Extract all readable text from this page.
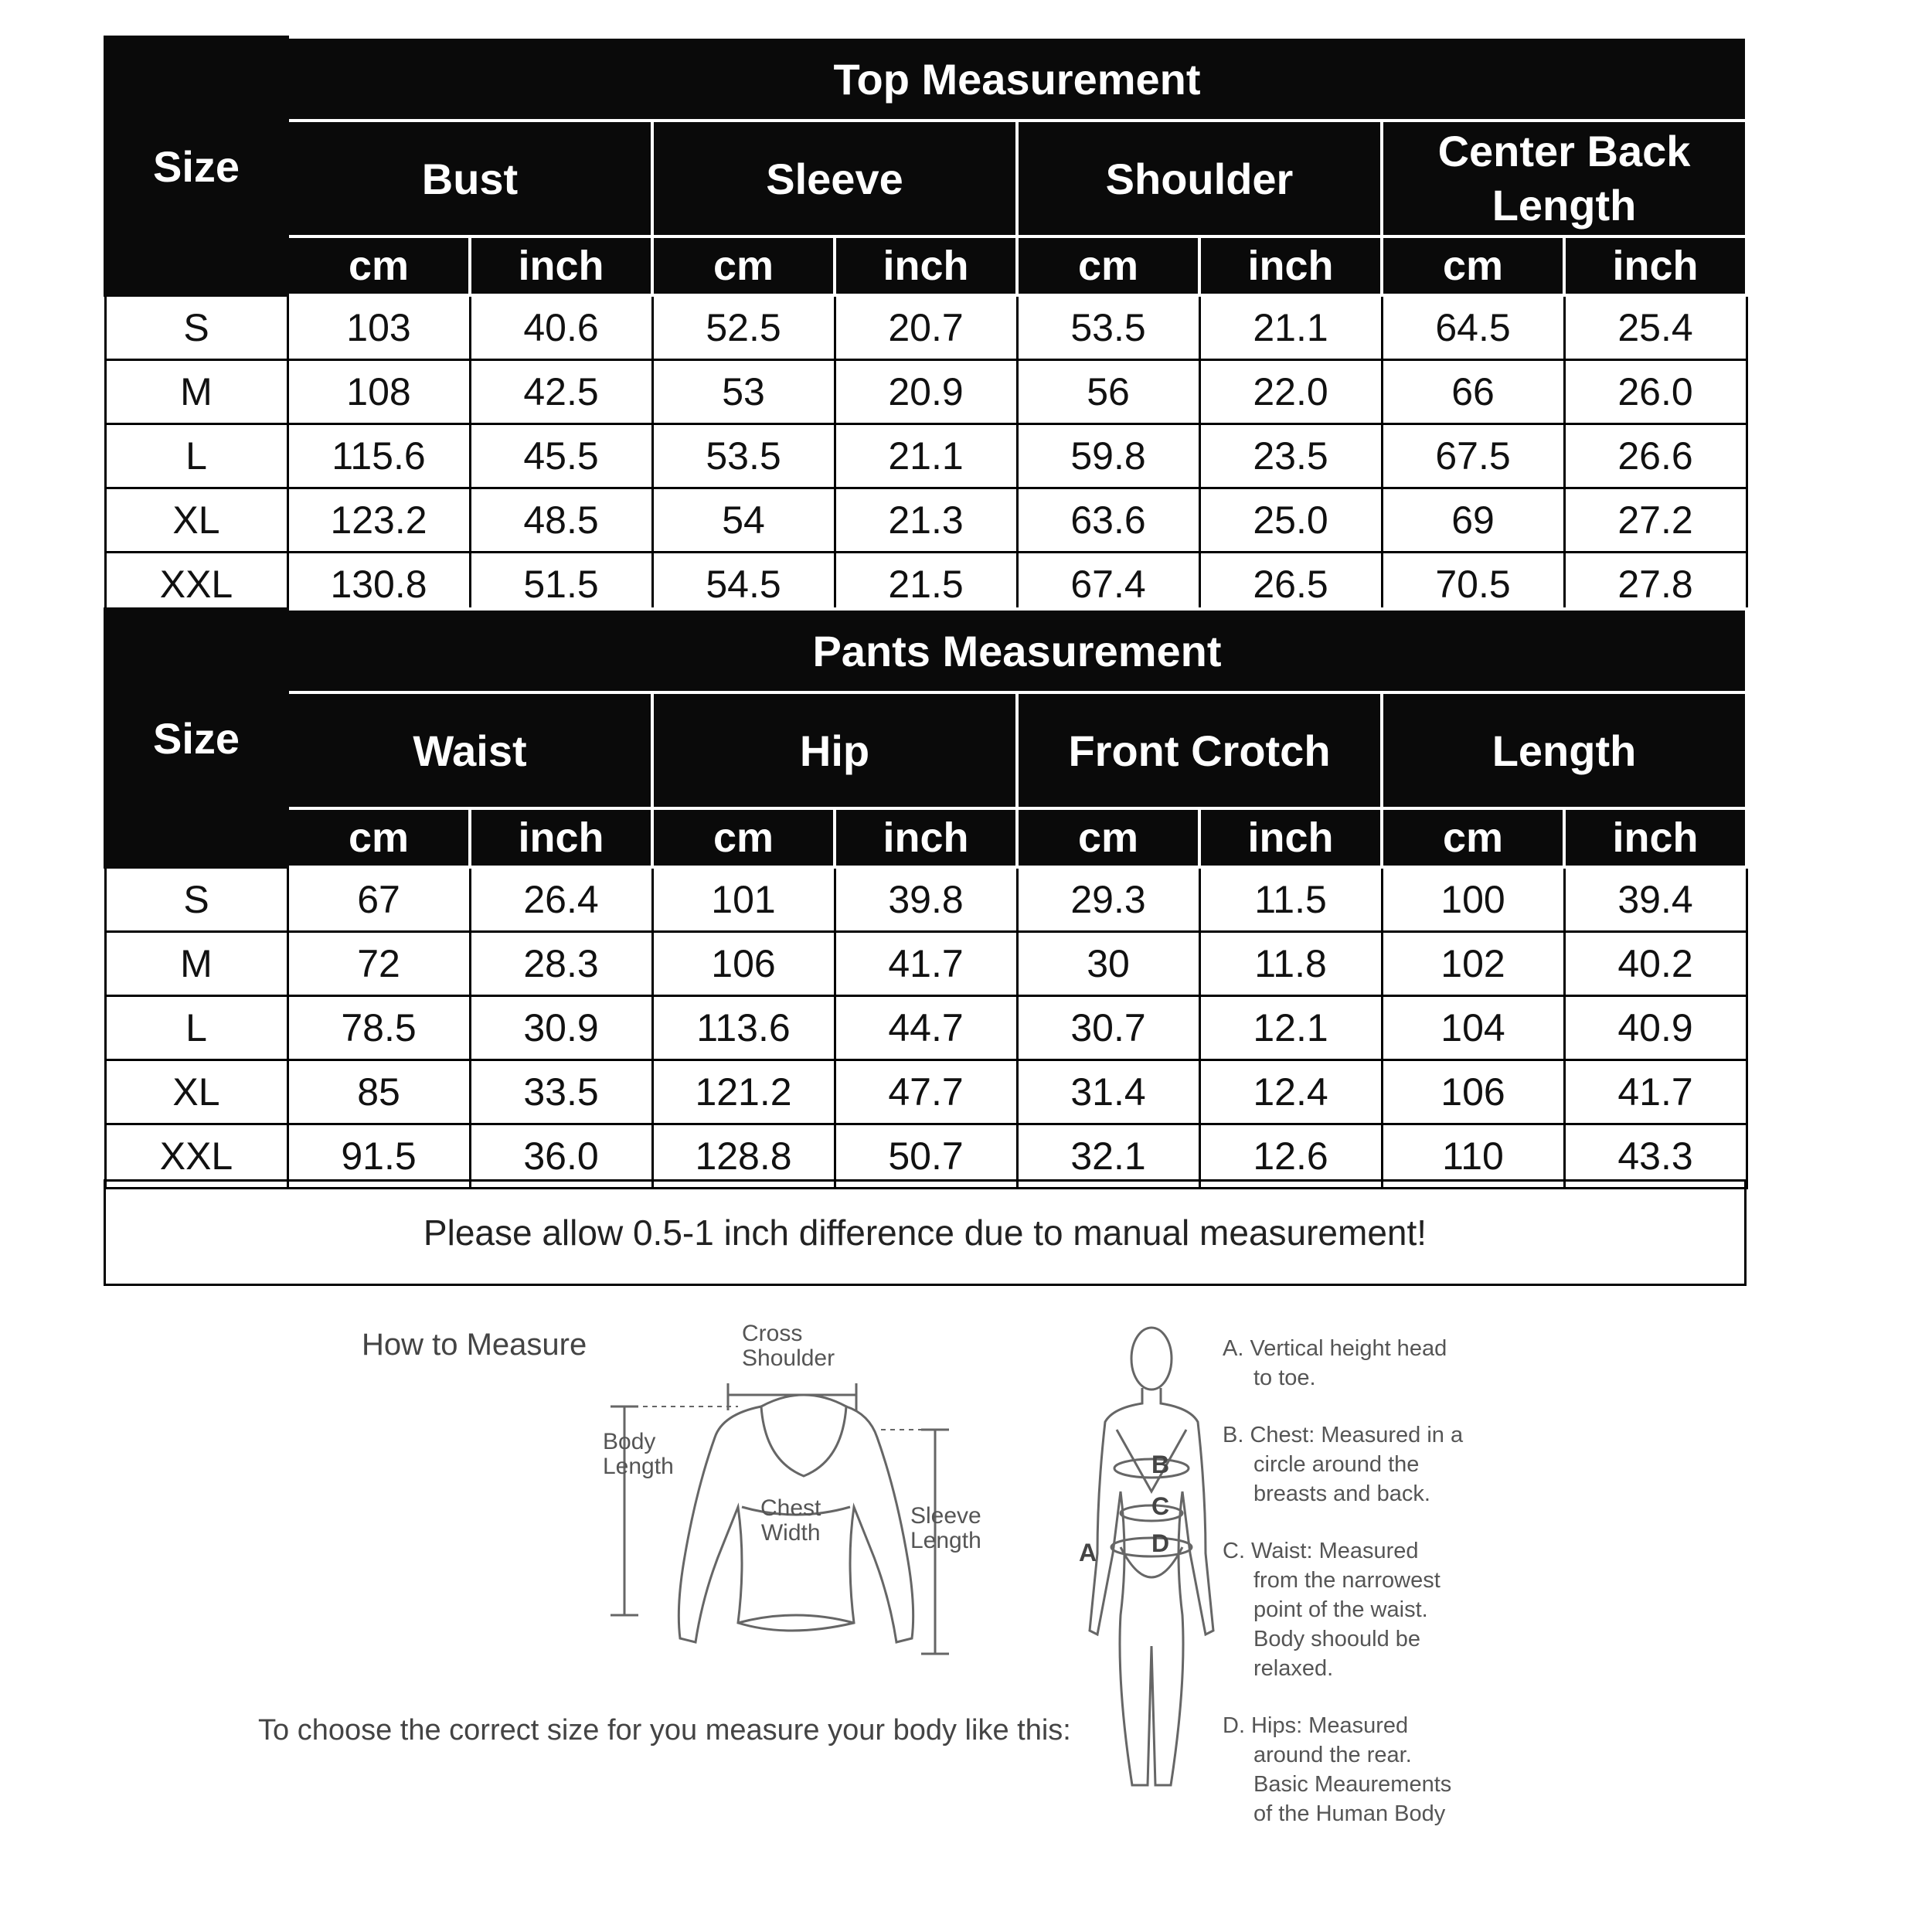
Size	Top Measurement							
	Bust		Sleeve		Shoulder		Center Back Length	
	cm	inch	cm	inch	cm	inch	cm	inch
S	103	40.6	52.5	20.7	53.5	21.1	64.5	25.4
M	108	42.5	53	20.9	56	22.0	66	26.0
L	115.6	45.5	53.5	21.1	59.8	23.5	67.5	26.6
XL	123.2	48.5	54	21.3	63.6	25.0	69	27.2
XXL	130.8	51.5	54.5	21.5	67.4	26.5	70.5	27.8
Size	Pants Measurement							
	Waist		Hip		Front Crotch		Length	
	cm	inch	cm	inch	cm	inch	cm	inch
S	67	26.4	101	39.8	29.3	11.5	100	39.4
M	72	28.3	106	41.7	30	11.8	102	40.2
L	78.5	30.9	113.6	44.7	30.7	12.1	104	40.9
XL	85	33.5	121.2	47.7	31.4	12.4	106	41.7
XXL	91.5	36.0	128.8	50.7	32.1	12.6	110	43.3
Please allow 0.5-1 inch difference due to manual measurement!
How to Measure
To choose the correct size for you measure your body like this:
Cross
Shoulder
Body
Length
Chest
Width
Sleeve
Length
B
C
D
A
A. Vertical height head
to toe.
B. Chest: Measured in a
circle around the
breasts and back.
C. Waist: Measured
from the narrowest
point of the waist.
Body shoould be
relaxed.
D. Hips: Measured
around the rear.
Basic Meaurements
of the Human Body
